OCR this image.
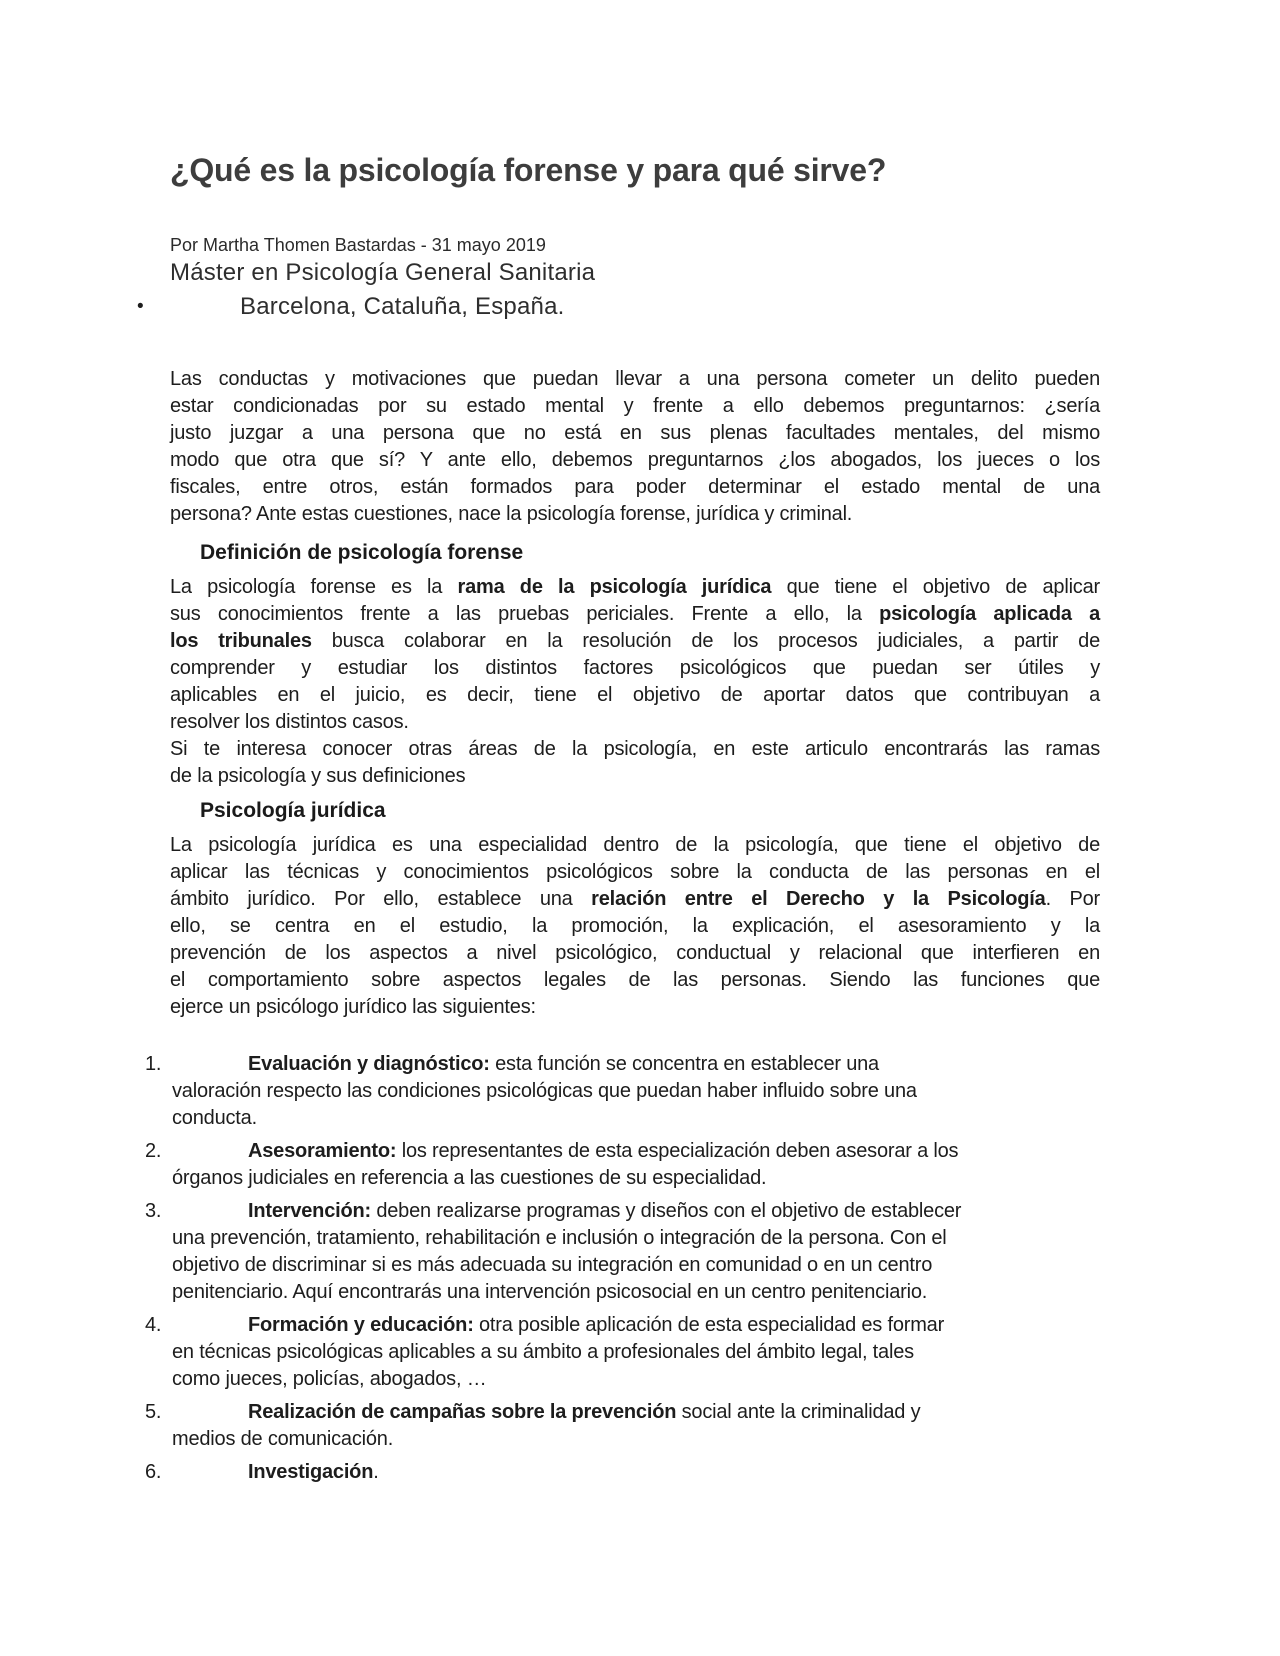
¿Qué es la psicología forense y para qué sirve?
Por Martha Thomen Bastardas - 31 mayo 2019
Máster en Psicología General Sanitaria
•	Barcelona, Cataluña, España.
Las conductas y motivaciones que puedan llevar a una persona cometer un delito pueden
estar condicionadas por su estado mental y frente a ello debemos preguntarnos: ¿sería
justo juzgar a una persona que no está en sus plenas facultades mentales, del mismo
modo que otra que sí? Y ante ello, debemos preguntarnos ¿los abogados, los jueces o los
fiscales, entre otros, están formados para poder determinar el estado mental de una
persona? Ante estas cuestiones, nace la psicología forense, jurídica y criminal.
Definición de psicología forense
La psicología forense es la rama de la psicología jurídica que tiene el objetivo de aplicar
sus conocimientos frente a las pruebas periciales. Frente a ello, la psicología aplicada a
los tribunales busca colaborar en la resolución de los procesos judiciales, a partir de
comprender y estudiar los distintos factores psicológicos que puedan ser útiles y
aplicables en el juicio, es decir, tiene el objetivo de aportar datos que contribuyan a
resolver los distintos casos.
Si te interesa conocer otras áreas de la psicología, en este articulo encontrarás las ramas
de la psicología y sus definiciones
Psicología jurídica
La psicología jurídica es una especialidad dentro de la psicología, que tiene el objetivo de
aplicar las técnicas y conocimientos psicológicos sobre la conducta de las personas en el
ámbito jurídico. Por ello, establece una relación entre el Derecho y la Psicología. Por
ello, se centra en el estudio, la promoción, la explicación, el asesoramiento y la
prevención de los aspectos a nivel psicológico, conductual y relacional que interfieren en
el comportamiento sobre aspectos legales de las personas. Siendo las funciones que
ejerce un psicólogo jurídico las siguientes:
1.	Evaluación y diagnóstico: esta función se concentra en establecer una
valoración respecto las condiciones psicológicas que puedan haber influido sobre una
conducta.
2.	Asesoramiento: los representantes de esta especialización deben asesorar a los
órganos judiciales en referencia a las cuestiones de su especialidad.
3.	Intervención: deben realizarse programas y diseños con el objetivo de establecer
una prevención, tratamiento, rehabilitación e inclusión o integración de la persona. Con el
objetivo de discriminar si es más adecuada su integración en comunidad o en un centro
penitenciario. Aquí encontrarás una intervención psicosocial en un centro penitenciario.
4.	Formación y educación: otra posible aplicación de esta especialidad es formar
en técnicas psicológicas aplicables a su ámbito a profesionales del ámbito legal, tales
como jueces, policías, abogados, …
5.	Realización de campañas sobre la prevención social ante la criminalidad y
medios de comunicación.
6.	Investigación.
